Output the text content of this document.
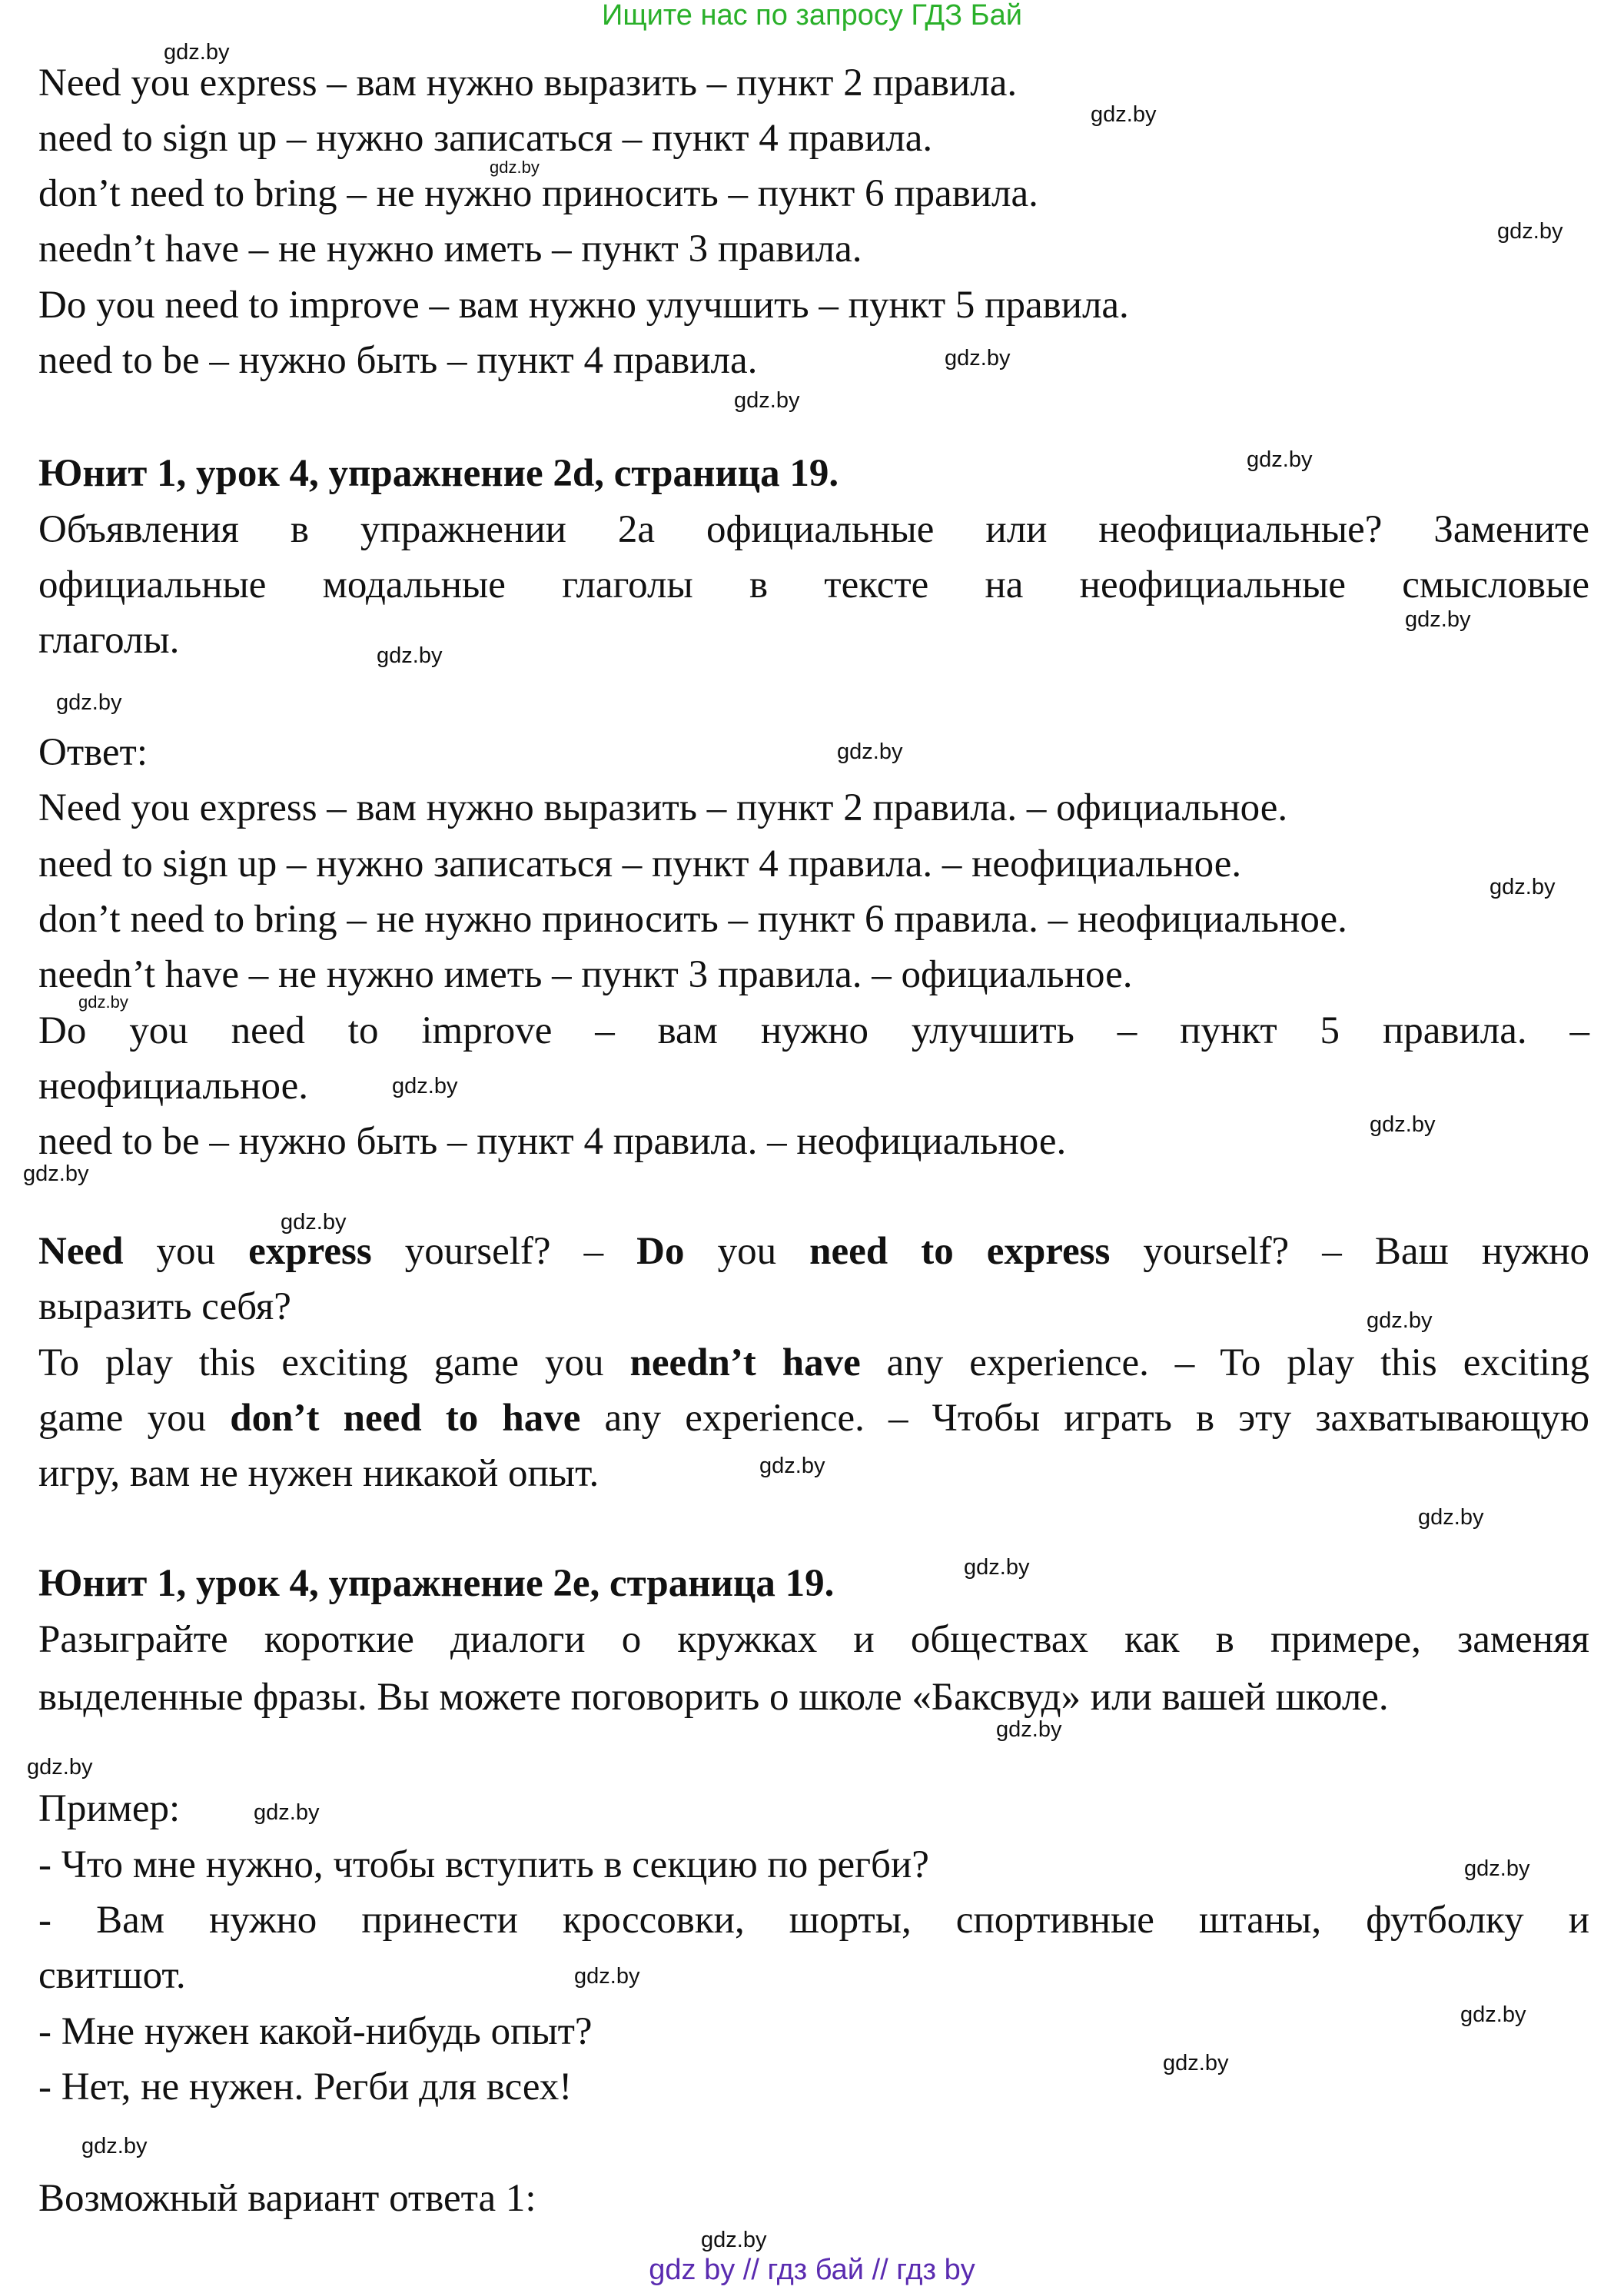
Ищите нас по запросу ГДЗ Бай
Need you express – вам нужно выразить – пункт 2 правила.
need to sign up – нужно записаться – пункт 4 правила.
don’t need to bring – не нужно приносить – пункт 6 правила.
needn’t have – не нужно иметь – пункт 3 правила.
Do you need to improve – вам нужно улучшить – пункт 5 правила.
need to be – нужно быть – пункт 4 правила.
Юнит 1, урок 4, упражнение 2d, страница 19.
Объявления в упражнении 2а официальные или неофициальные? Замените
официальные модальные глаголы в тексте на неофициальные смысловые
глаголы.
Ответ:
Need you express – вам нужно выразить – пункт 2 правила. – официальное.
need to sign up – нужно записаться – пункт 4 правила. – неофициальное.
don’t need to bring – не нужно приносить – пункт 6 правила. – неофициальное.
needn’t have – не нужно иметь – пункт 3 правила. – официальное.
Do you need to improve – вам нужно улучшить – пункт 5 правила. –
неофициальное.
need to be – нужно быть – пункт 4 правила. – неофициальное.
Need you express yourself? – Do you need to express yourself? – Ваш нужно
выразить себя?
To play this exciting game you needn’t have any experience. – To play this exciting
game you don’t need to have any experience. – Чтобы играть в эту захватывающую
игру, вам не нужен никакой опыт.
Юнит 1, урок 4, упражнение 2e, страница 19.
Разыграйте короткие диалоги о кружках и обществах как в примере, заменяя
выделенные фразы. Вы можете поговорить о школе «Баксвуд» или вашей школе.
Пример:
- Что мне нужно, чтобы вступить в секцию по регби?
- Вам нужно принести кроссовки, шорты, спортивные штаны, футболку и
свитшот.
- Мне нужен какой-нибудь опыт?
- Нет, не нужен. Регби для всех!
Возможный вариант ответа 1:
gdz by // гдз бай // гдз by
gdz.by
gdz.by
gdz.by
gdz.by
gdz.by
gdz.by
gdz.by
gdz.by
gdz.by
gdz.by
gdz.by
gdz.by
gdz.by
gdz.by
gdz.by
gdz.by
gdz.by
gdz.by
gdz.by
gdz.by
gdz.by
gdz.by
gdz.by
gdz.by
gdz.by
gdz.by
gdz.by
gdz.by
gdz.by
gdz.by
